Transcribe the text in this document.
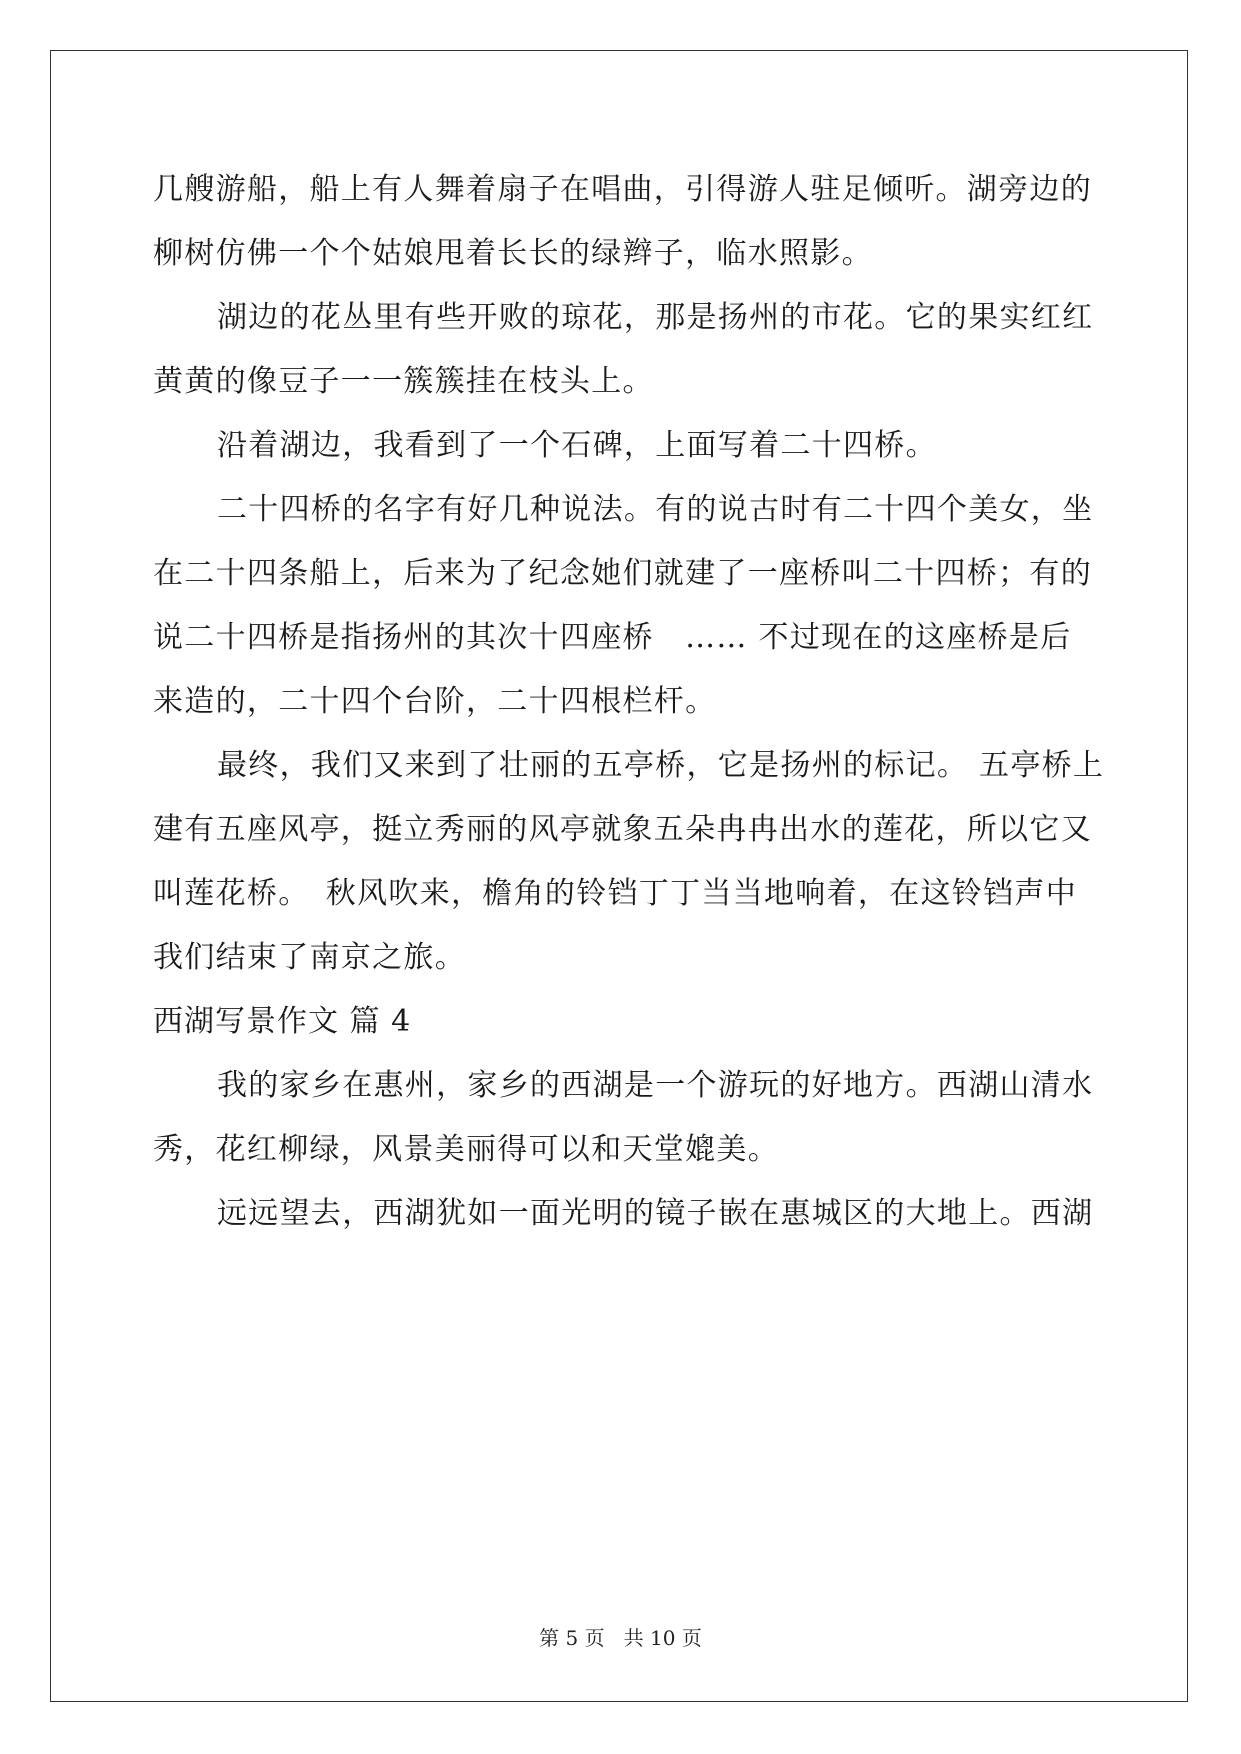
几艘游船，船上有人舞着扇子在唱曲，引得游人驻足倾听。湖旁边的
柳树仿佛一个个姑娘甩着长长的绿辫子，临水照影。
湖边的花丛里有些开败的琼花，那是扬州的市花。它的果实红红
黄黄的像豆子一一簇簇挂在枝头上。
沿着湖边，我看到了一个石碑，上面写着二十四桥。
二十四桥的名字有好几种说法。有的说古时有二十四个美女，坐
在二十四条船上，后来为了纪念她们就建了一座桥叫二十四桥；有的
说二十四桥是指扬州的其次十四座桥　…… 不过现在的这座桥是后
来造的，二十四个台阶，二十四根栏杆。
最终，我们又来到了壮丽的五亭桥，它是扬州的标记。 五亭桥上
建有五座风亭，挺立秀丽的风亭就象五朵冉冉出水的莲花，所以它又
叫莲花桥。　秋风吹来，檐角的铃铛丁丁当当地响着，在这铃铛声中
我们结束了南京之旅。
西湖写景作文 篇 4
我的家乡在惠州，家乡的西湖是一个游玩的好地方。西湖山清水
秀，花红柳绿，风景美丽得可以和天堂媲美。
远远望去，西湖犹如一面光明的镜子嵌在惠城区的大地上。西湖
第 5 页 共 10 页
